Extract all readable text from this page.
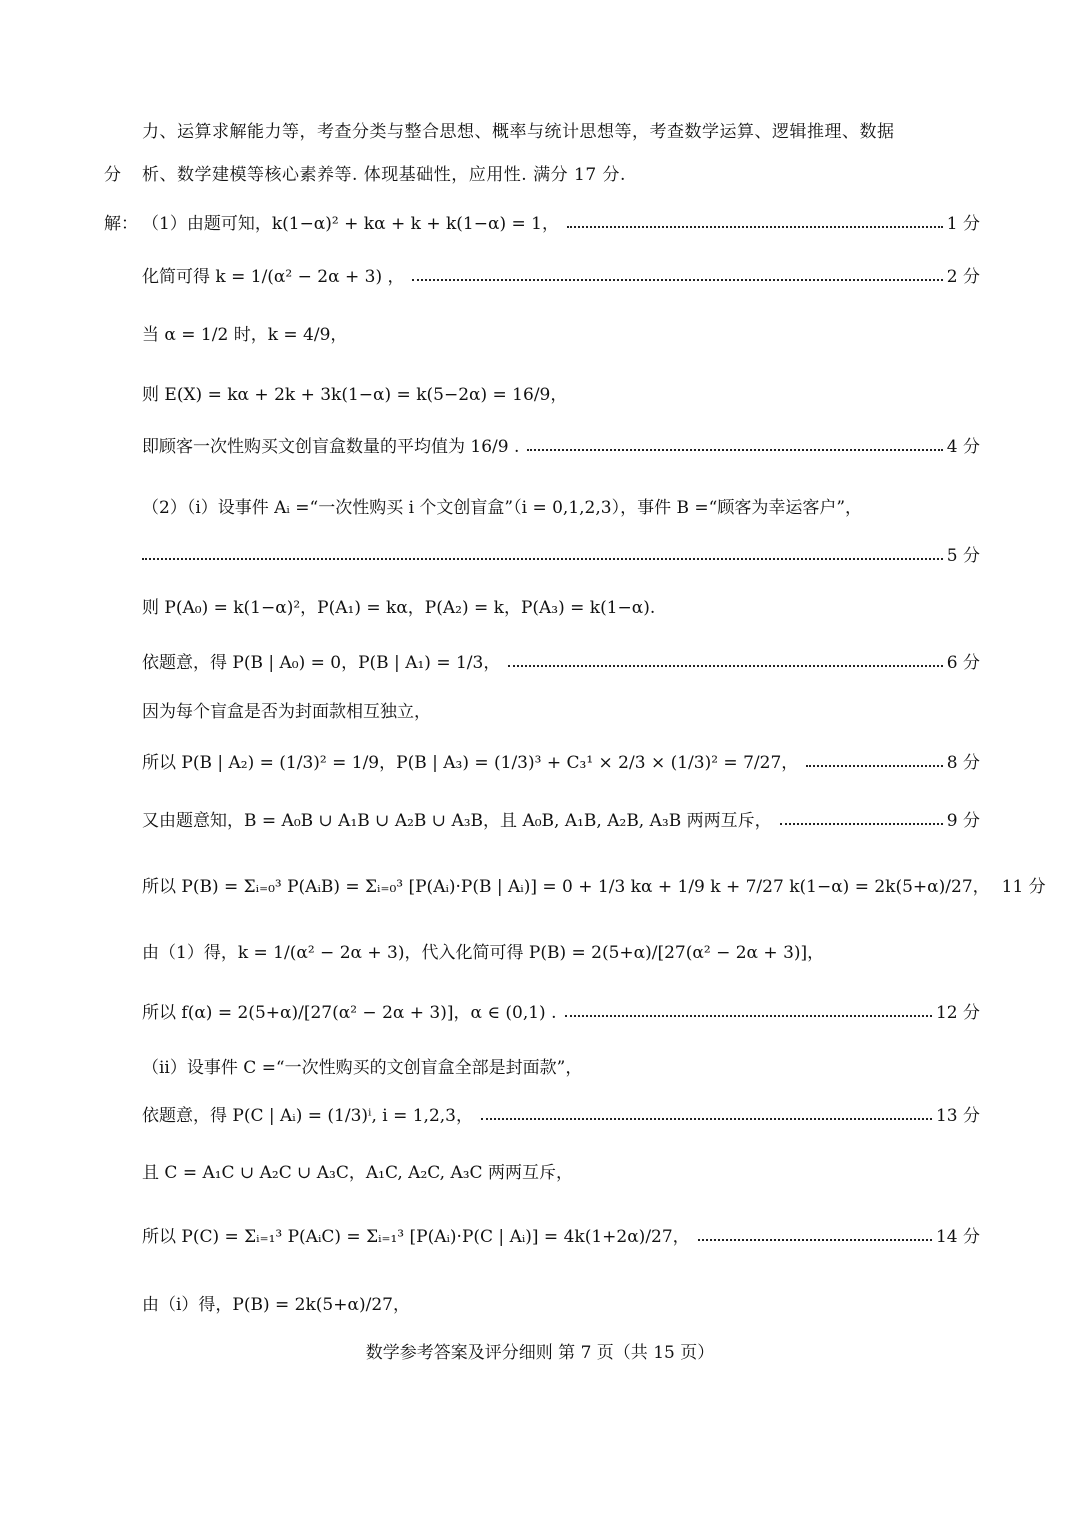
力、运算求解能力等，考查分类与整合思想、概率与统计思想等，考查数学运算、逻辑推理、数据
分 析、数学建模等核心素养等. 体现基础性，应用性. 满分 17 分.
解： （1）由题可知，k(1−α)² + kα + k + k(1−α) = 1，	1 分
化简可得 k = 1/(α² − 2α + 3) ，	2 分
当 α = 1/2 时，k = 4/9，
则 E(X) = kα + 2k + 3k(1−α) = k(5−2α) = 16/9，
即顾客一次性购买文创盲盒数量的平均值为 16/9 .	4 分
（2）（i）设事件 Aᵢ =“一次性购买 i 个文创盲盒”（i = 0,1,2,3），事件 B =“顾客为幸运客户”，
5 分
则 P(A₀) = k(1−α)²，P(A₁) = kα，P(A₂) = k，P(A₃) = k(1−α).
依题意，得 P(B | A₀) = 0，P(B | A₁) = 1/3，	6 分
因为每个盲盒是否为封面款相互独立，
所以 P(B | A₂) = (1/3)² = 1/9，P(B | A₃) = (1/3)³ + C₃¹ × 2/3 × (1/3)² = 7/27，	8 分
又由题意知，B = A₀B ∪ A₁B ∪ A₂B ∪ A₃B，且 A₀B, A₁B, A₂B, A₃B 两两互斥，	9 分
所以 P(B) = Σᵢ₌₀³ P(AᵢB) = Σᵢ₌₀³ [P(Aᵢ)·P(B | Aᵢ)] = 0 + 1/3 kα + 1/9 k + 7/27 k(1−α) = 2k(5+α)/27， 11 分
由（1）得，k = 1/(α² − 2α + 3)，代入化简可得 P(B) = 2(5+α)/[27(α² − 2α + 3)]，
所以 f(α) = 2(5+α)/[27(α² − 2α + 3)]，α ∈ (0,1) .	12 分
（ii）设事件 C =“一次性购买的文创盲盒全部是封面款”，
依题意，得 P(C | Aᵢ) = (1/3)ⁱ, i = 1,2,3，	13 分
且 C = A₁C ∪ A₂C ∪ A₃C，A₁C, A₂C, A₃C 两两互斥，
所以 P(C) = Σᵢ₌₁³ P(AᵢC) = Σᵢ₌₁³ [P(Aᵢ)·P(C | Aᵢ)] = 4k(1+2α)/27，	14 分
由（i）得，P(B) = 2k(5+α)/27，
数学参考答案及评分细则 第 7 页（共 15 页）
